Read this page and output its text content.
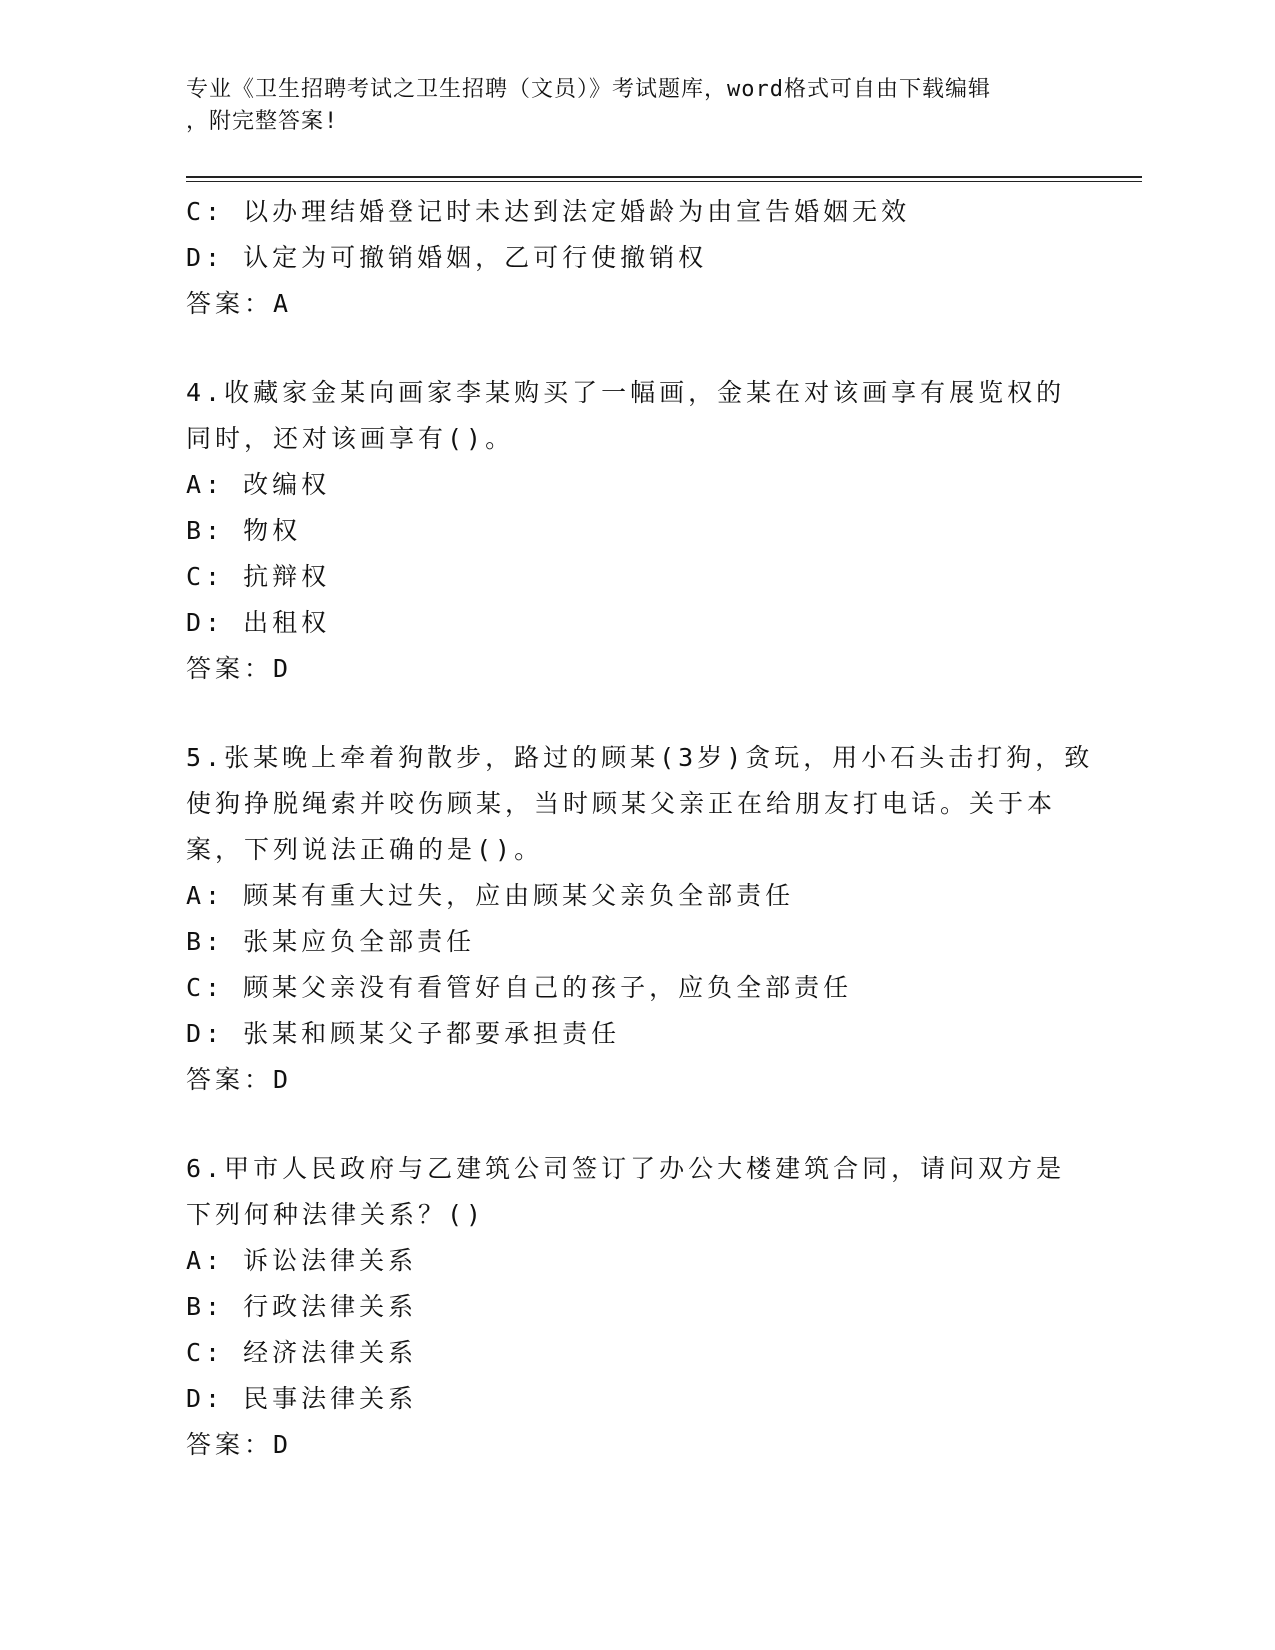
专业《卫生招聘考试之卫生招聘（文员）》考试题库，word格式可自由下载编辑
，附完整答案!
C: 以办理结婚登记时未达到法定婚龄为由宣告婚姻无效
D: 认定为可撤销婚姻，乙可行使撤销权
答案：A
4.收藏家金某向画家李某购买了一幅画，金某在对该画享有展览权的
同时，还对该画享有()。
A: 改编权
B: 物权
C: 抗辩权
D: 出租权
答案：D
5.张某晚上牵着狗散步，路过的顾某(3岁)贪玩，用小石头击打狗，致
使狗挣脱绳索并咬伤顾某，当时顾某父亲正在给朋友打电话。关于本
案，下列说法正确的是()。
A: 顾某有重大过失，应由顾某父亲负全部责任
B: 张某应负全部责任
C: 顾某父亲没有看管好自己的孩子，应负全部责任
D: 张某和顾某父子都要承担责任
答案：D
6.甲市人民政府与乙建筑公司签订了办公大楼建筑合同，请问双方是
下列何种法律关系？()
A: 诉讼法律关系
B: 行政法律关系
C: 经济法律关系
D: 民事法律关系
答案：D
